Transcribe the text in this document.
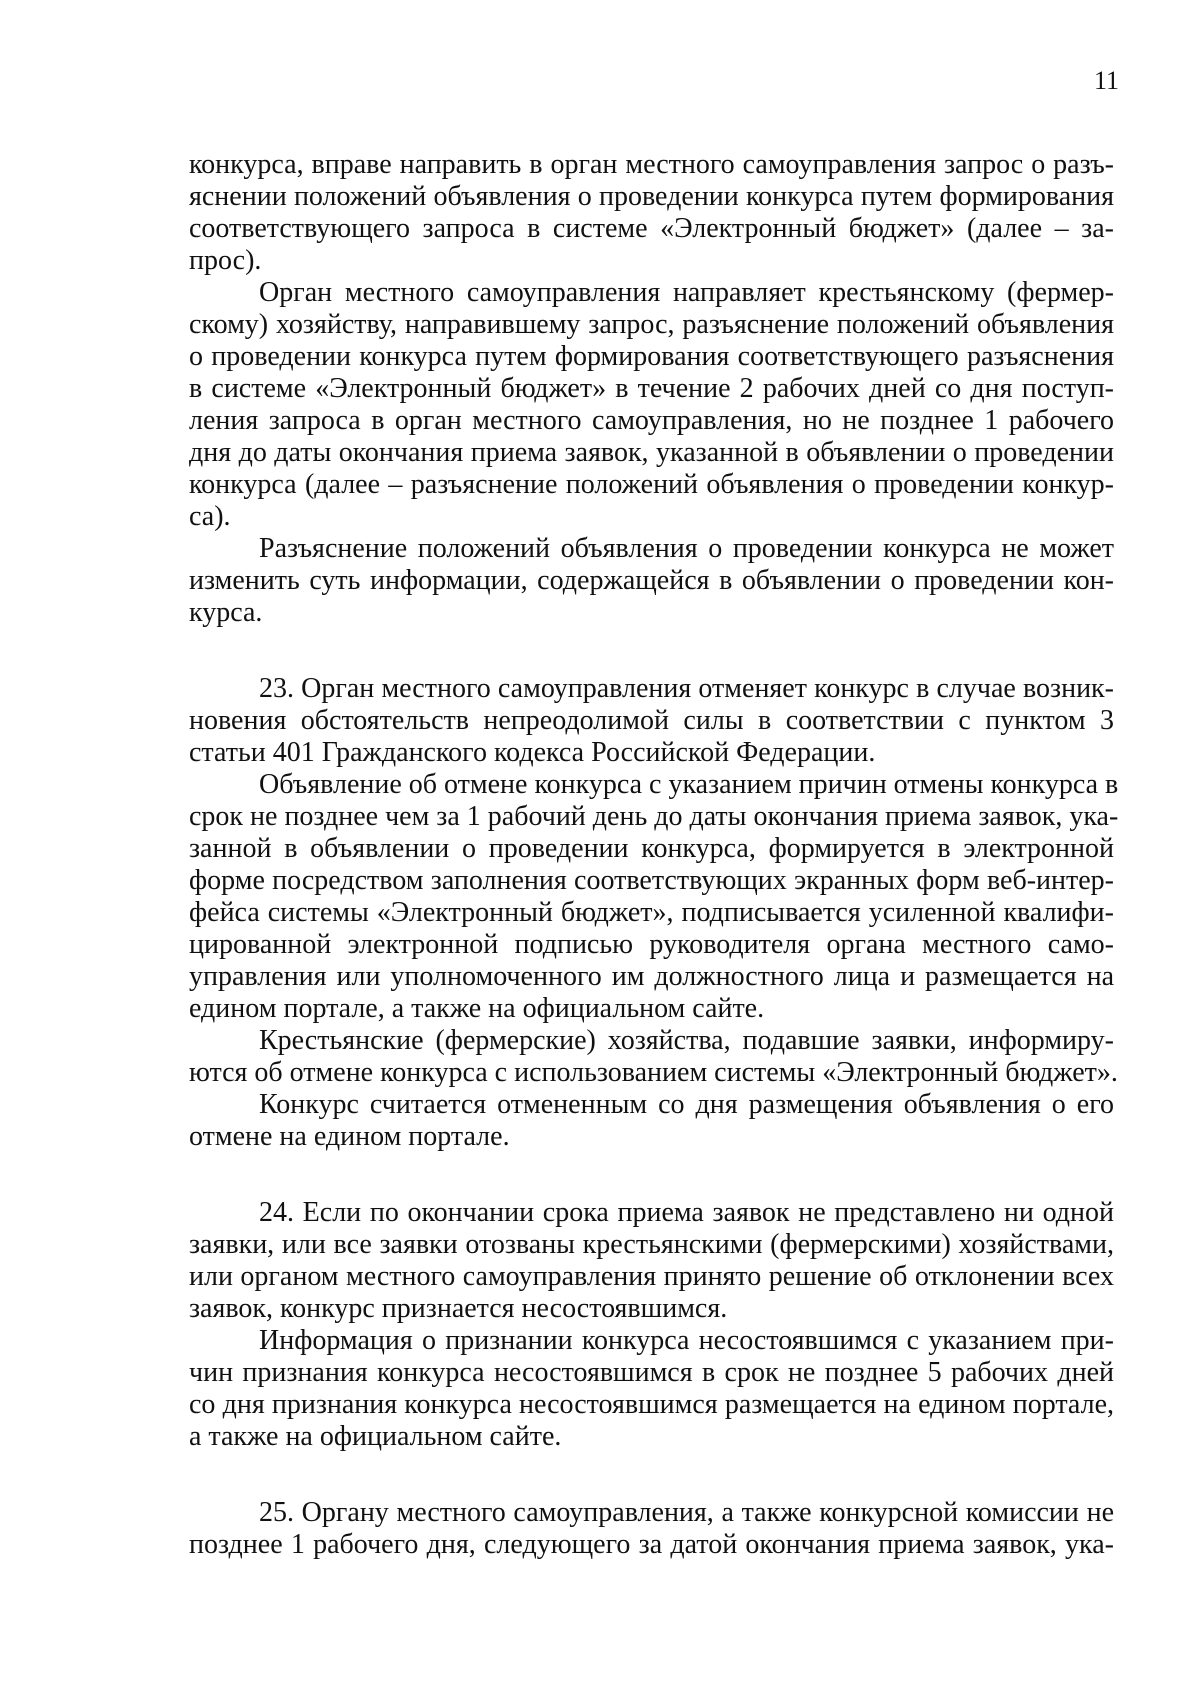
11
конкурса, вправе направить в орган местного самоуправления запрос о разъ-
яснении положений объявления о проведении конкурса путем формирования
соответствующего запроса в системе «Электронный бюджет» (далее – за-
прос).
Орган местного самоуправления направляет крестьянскому (фермер-
скому) хозяйству, направившему запрос, разъяснение положений объявления
о проведении конкурса путем формирования соответствующего разъяснения
в системе «Электронный бюджет» в течение 2 рабочих дней со дня поступ-
ления запроса в орган местного самоуправления, но не позднее 1 рабочего
дня до даты окончания приема заявок, указанной в объявлении о проведении
конкурса (далее – разъяснение положений объявления о проведении конкур-
са).
Разъяснение положений объявления о проведении конкурса не может
изменить суть информации, содержащейся в объявлении о проведении кон-
курса.
23. Орган местного самоуправления отменяет конкурс в случае возник-
новения обстоятельств непреодолимой силы в соответствии с пунктом 3
статьи 401 Гражданского кодекса Российской Федерации.
Объявление об отмене конкурса с указанием причин отмены конкурса в
срок не позднее чем за 1 рабочий день до даты окончания приема заявок, ука-
занной в объявлении о проведении конкурса, формируется в электронной
форме посредством заполнения соответствующих экранных форм веб-интер-
фейса системы «Электронный бюджет», подписывается усиленной квалифи-
цированной электронной подписью руководителя органа местного само-
управления или уполномоченного им должностного лица и размещается на
едином портале, а также на официальном сайте.
Крестьянские (фермерские) хозяйства, подавшие заявки, информиру-
ются об отмене конкурса с использованием системы «Электронный бюджет».
Конкурс считается отмененным со дня размещения объявления о его
отмене на едином портале.
24. Если по окончании срока приема заявок не представлено ни одной
заявки, или все заявки отозваны крестьянскими (фермерскими) хозяйствами,
или органом местного самоуправления принято решение об отклонении всех
заявок, конкурс признается несостоявшимся.
Информация о признании конкурса несостоявшимся с указанием при-
чин признания конкурса несостоявшимся в срок не позднее 5 рабочих дней
со дня признания конкурса несостоявшимся размещается на едином портале,
а также на официальном сайте.
25. Органу местного самоуправления, а также конкурсной комиссии не
позднее 1 рабочего дня, следующего за датой окончания приема заявок, ука-
